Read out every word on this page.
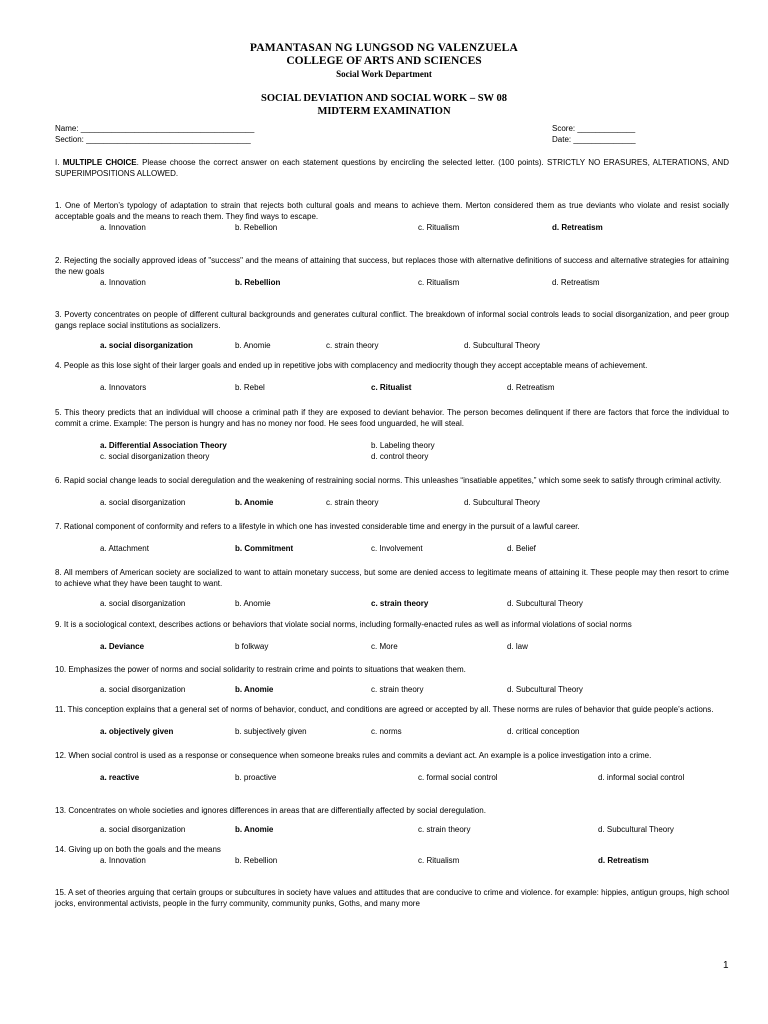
PAMANTASAN NG LUNGSOD NG VALENZUELA
COLLEGE OF ARTS AND SCIENCES
Social Work Department
SOCIAL DEVIATION AND SOCIAL WORK – SW 08
MIDTERM EXAMINATION
Name: _______________________________________
Section: _____________________________________
Score: _____________
Date: ______________
I. MULTIPLE CHOICE. Please choose the correct answer on each statement questions by encircling the selected letter. (100 points). STRICTLY NO ERASURES, ALTERATIONS, AND SUPERIMPOSITIONS ALLOWED.
1. One of Merton’s typology of adaptation to strain that rejects both cultural goals and means to achieve them. Merton considered them as true deviants who violate and resist socially acceptable goals and the means to reach them. They find ways to escape.
a. Innovation	b. Rebellion	c. Ritualism	d. Retreatism
2. Rejecting the socially approved ideas of "success" and the means of attaining that success, but replaces those with alternative definitions of success and alternative strategies for attaining the new goals
a. Innovation	b. Rebellion	c. Ritualism	d. Retreatism
3. Poverty concentrates on people of different cultural backgrounds and generates cultural conflict. The breakdown of informal social controls leads to social disorganization, and peer group gangs replace social institutions as socializers.
a. social disorganization	b. Anomie	c. strain theory	d. Subcultural Theory
4. People as this lose sight of their larger goals and ended up in repetitive jobs with complacency and mediocrity though they accept acceptable means of achievement.
a. Innovators	b. Rebel	c. Ritualist	d. Retreatism
5. This theory predicts that an individual will choose a criminal path if they are exposed to deviant behavior. The person becomes delinquent if there are factors that force the individual to commit a crime. Example: The person is hungry and has no money nor food. He sees food unguarded, he will steal.
a. Differential Association Theory	b. Labeling theory
c. social disorganization theory	d. control theory
6. Rapid social change leads to social deregulation and the weakening of restraining social norms. This unleashes “insatiable appetites,” which some seek to satisfy through criminal activity.
a. social disorganization	b. Anomie	c. strain theory	d. Subcultural Theory
7. Rational component of conformity and refers to a lifestyle in which one has invested considerable time and energy in the pursuit of a lawful career.
a. Attachment	b. Commitment	c. Involvement	d. Belief
8. All members of American society are socialized to want to attain monetary success, but some are denied access to legitimate means of attaining it. These people may then resort to crime to achieve what they have been taught to want.
a. social disorganization	b. Anomie	c. strain theory	d. Subcultural Theory
9. It is a sociological context, describes actions or behaviors that violate social norms, including formally-enacted rules as well as informal violations of social norms
a. Deviance	b folkway	c. More	d. law
10. Emphasizes the power of norms and social solidarity to restrain crime and points to situations that weaken them.
a. social disorganization	b. Anomie	c. strain theory	d. Subcultural Theory
11. This conception explains that a general set of norms of behavior, conduct, and conditions are agreed or accepted by all. These norms are rules of behavior that guide people’s actions.
a. objectively given	b. subjectively given	c. norms	d. critical conception
12. When social control is used as a response or consequence when someone breaks rules and commits a deviant act. An example is a police investigation into a crime.
a. reactive	b. proactive	c. formal social control	d. informal social control
13. Concentrates on whole societies and ignores differences in areas that are differentially affected by social deregulation.
a. social disorganization	b. Anomie	c. strain theory	d. Subcultural Theory
14. Giving up on both the goals and the means
a. Innovation	b. Rebellion	c. Ritualism	d. Retreatism
15. A set of theories arguing that certain groups or subcultures in society have values and attitudes that are conducive to crime and violence. for example: hippies, antigun groups, high school jocks, environmental activists, people in the furry community, community punks, Goths, and many more
1
